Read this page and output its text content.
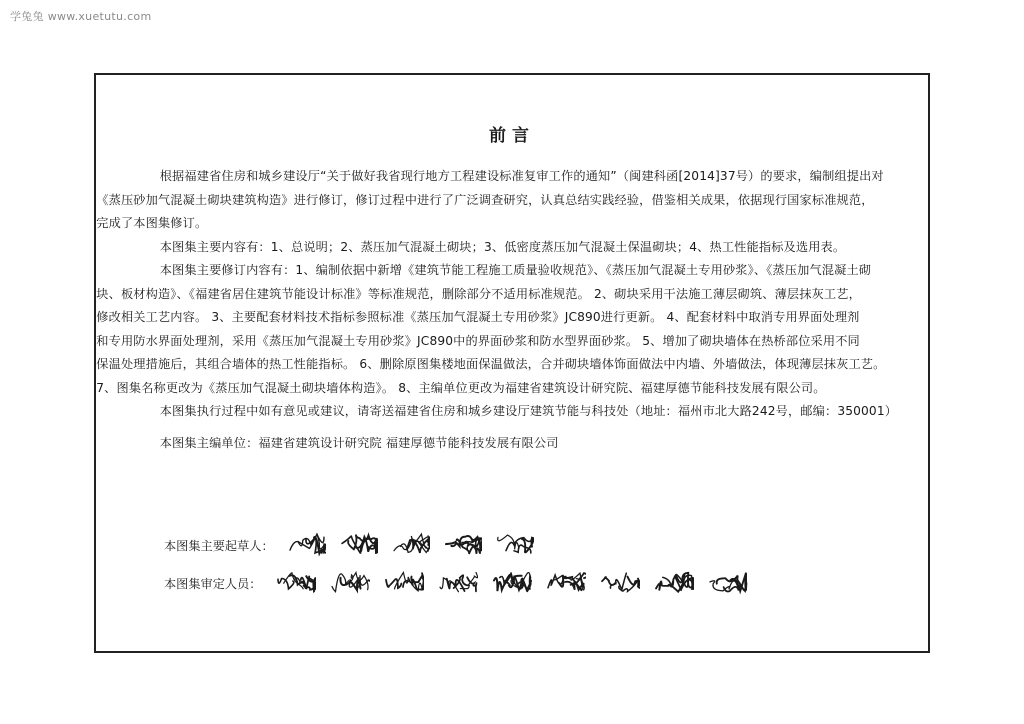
学兔兔 www.xuetutu.com
前言

根据福建省住房和城乡建设厅“关于做好我省现行地方工程建设标准复审工作的通知”（闽建科函[2014]37号）的要求，编制组提出对
《蒸压砂加气混凝土砌块建筑构造》进行修订，修订过程中进行了广泛调查研究，认真总结实践经验，借鉴相关成果，依据现行国家标准规范，
完成了本图集修订。

本图集主要内容有：1、总说明；2、蒸压加气混凝土砌块；3、低密度蒸压加气混凝土保温砌块；4、热工性能指标及选用表。

本图集主要修订内容有：1、编制依据中新增《建筑节能工程施工质量验收规范》、《蒸压加气混凝土专用砂浆》、《蒸压加气混凝土砌
块、板材构造》、《福建省居住建筑节能设计标准》等标准规范，删除部分不适用标准规范。 2、砌块采用干法施工薄层砌筑、薄层抹灰工艺，
修改相关工艺内容。 3、主要配套材料技术指标参照标准《蒸压加气混凝土专用砂浆》JC890进行更新。 4、配套材料中取消专用界面处理剂
和专用防水界面处理剂，采用《蒸压加气混凝土专用砂浆》JC890中的界面砂浆和防水型界面砂浆。 5、增加了砌块墙体在热桥部位采用不同
保温处理措施后，其组合墙体的热工性能指标。 6、删除原图集楼地面保温做法，合并砌块墙体饰面做法中内墙、外墙做法，体现薄层抹灰工艺。
7、图集名称更改为《蒸压加气混凝土砌块墙体构造》。 8、主编单位更改为福建省建筑设计研究院、福建厚德节能科技发展有限公司。

本图集执行过程中如有意见或建议，请寄送福建省住房和城乡建设厅建筑节能与科技处（地址：福州市北大路242号，邮编：350001）

本图集主编单位：福建省建筑设计研究院 福建厚德节能科技发展有限公司

本图集主要起草人：
本图集审定人员：
